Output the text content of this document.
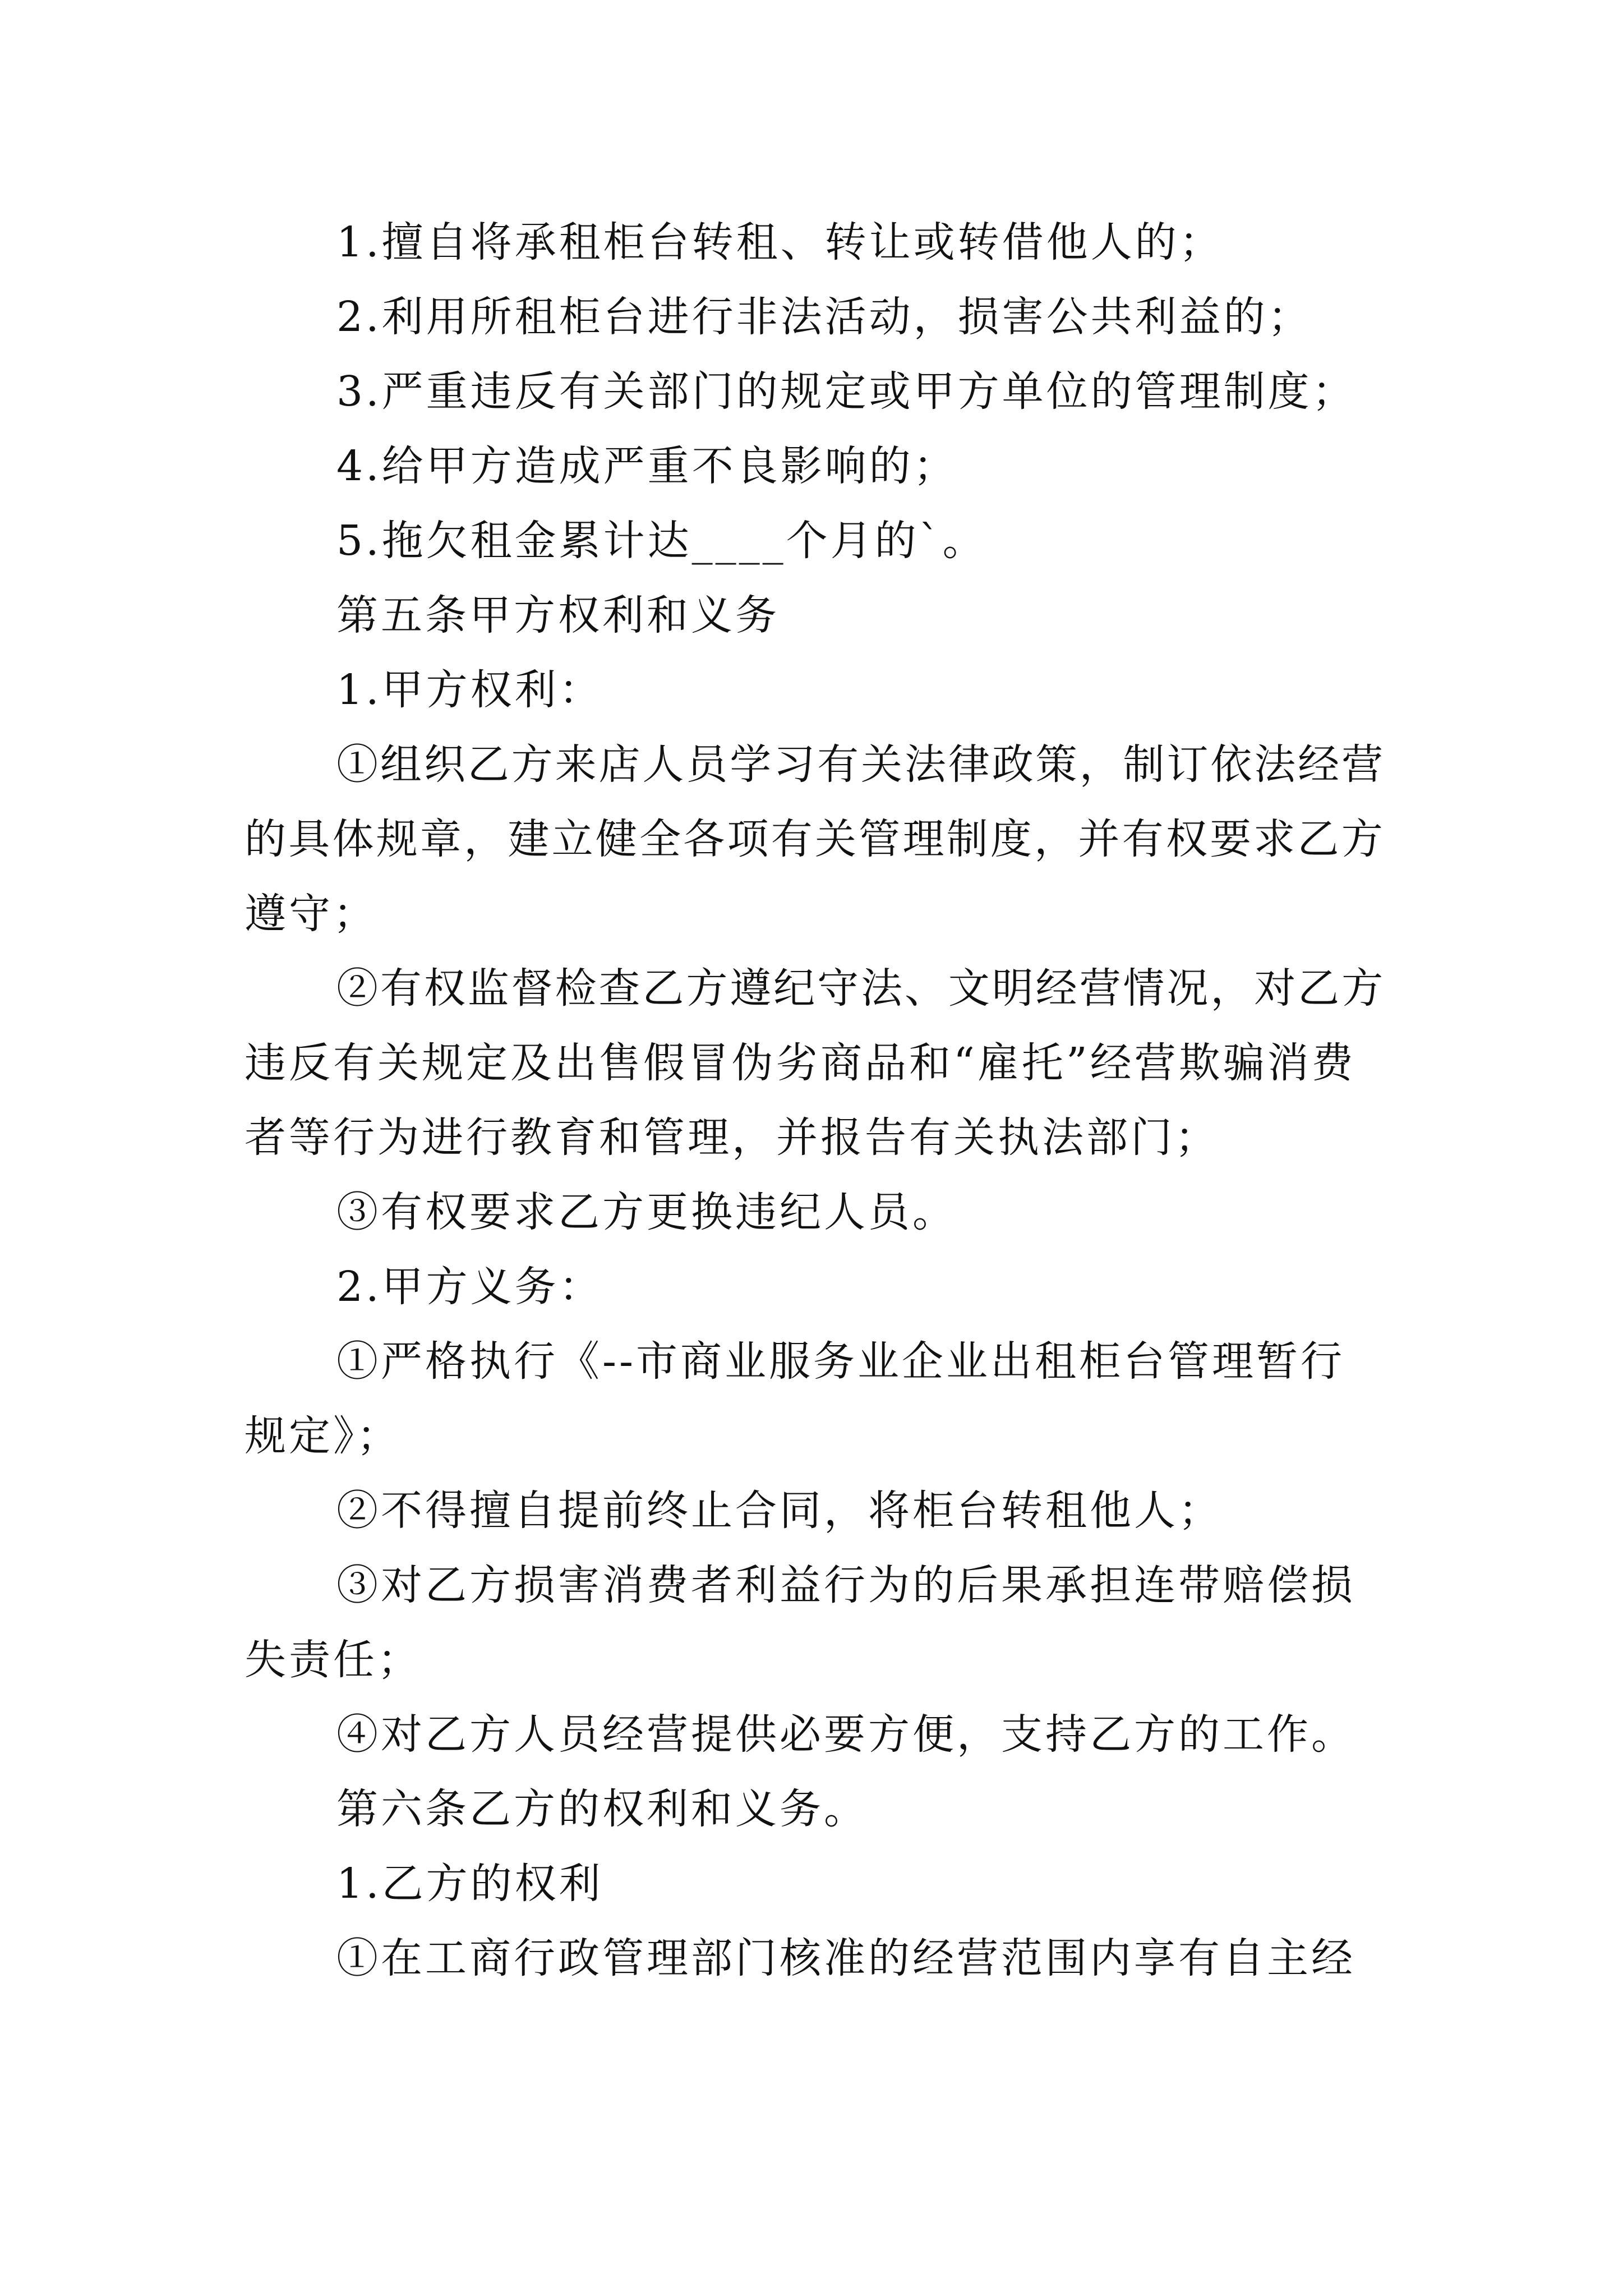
1.擅自将承租柜台转租、转让或转借他人的；

2.利用所租柜台进行非法活动，损害公共利益的；

3.严重违反有关部门的规定或甲方单位的管理制度；

4.给甲方造成严重不良影响的；

5.拖欠租金累计达____个月的`。

第五条甲方权利和义务

1.甲方权利：

①组织乙方来店人员学习有关法律政策，制订依法经营

的具体规章，建立健全各项有关管理制度，并有权要求乙方

遵守；

②有权监督检查乙方遵纪守法、文明经营情况，对乙方

违反有关规定及出售假冒伪劣商品和“雇托”经营欺骗消费

者等行为进行教育和管理，并报告有关执法部门；

③有权要求乙方更换违纪人员。

2.甲方义务：

①严格执行《--市商业服务业企业出租柜台管理暂行

规定》；

②不得擅自提前终止合同，将柜台转租他人；

③对乙方损害消费者利益行为的后果承担连带赔偿损

失责任；

④对乙方人员经营提供必要方便，支持乙方的工作。

第六条乙方的权利和义务。

1.乙方的权利

①在工商行政管理部门核准的经营范围内享有自主经
